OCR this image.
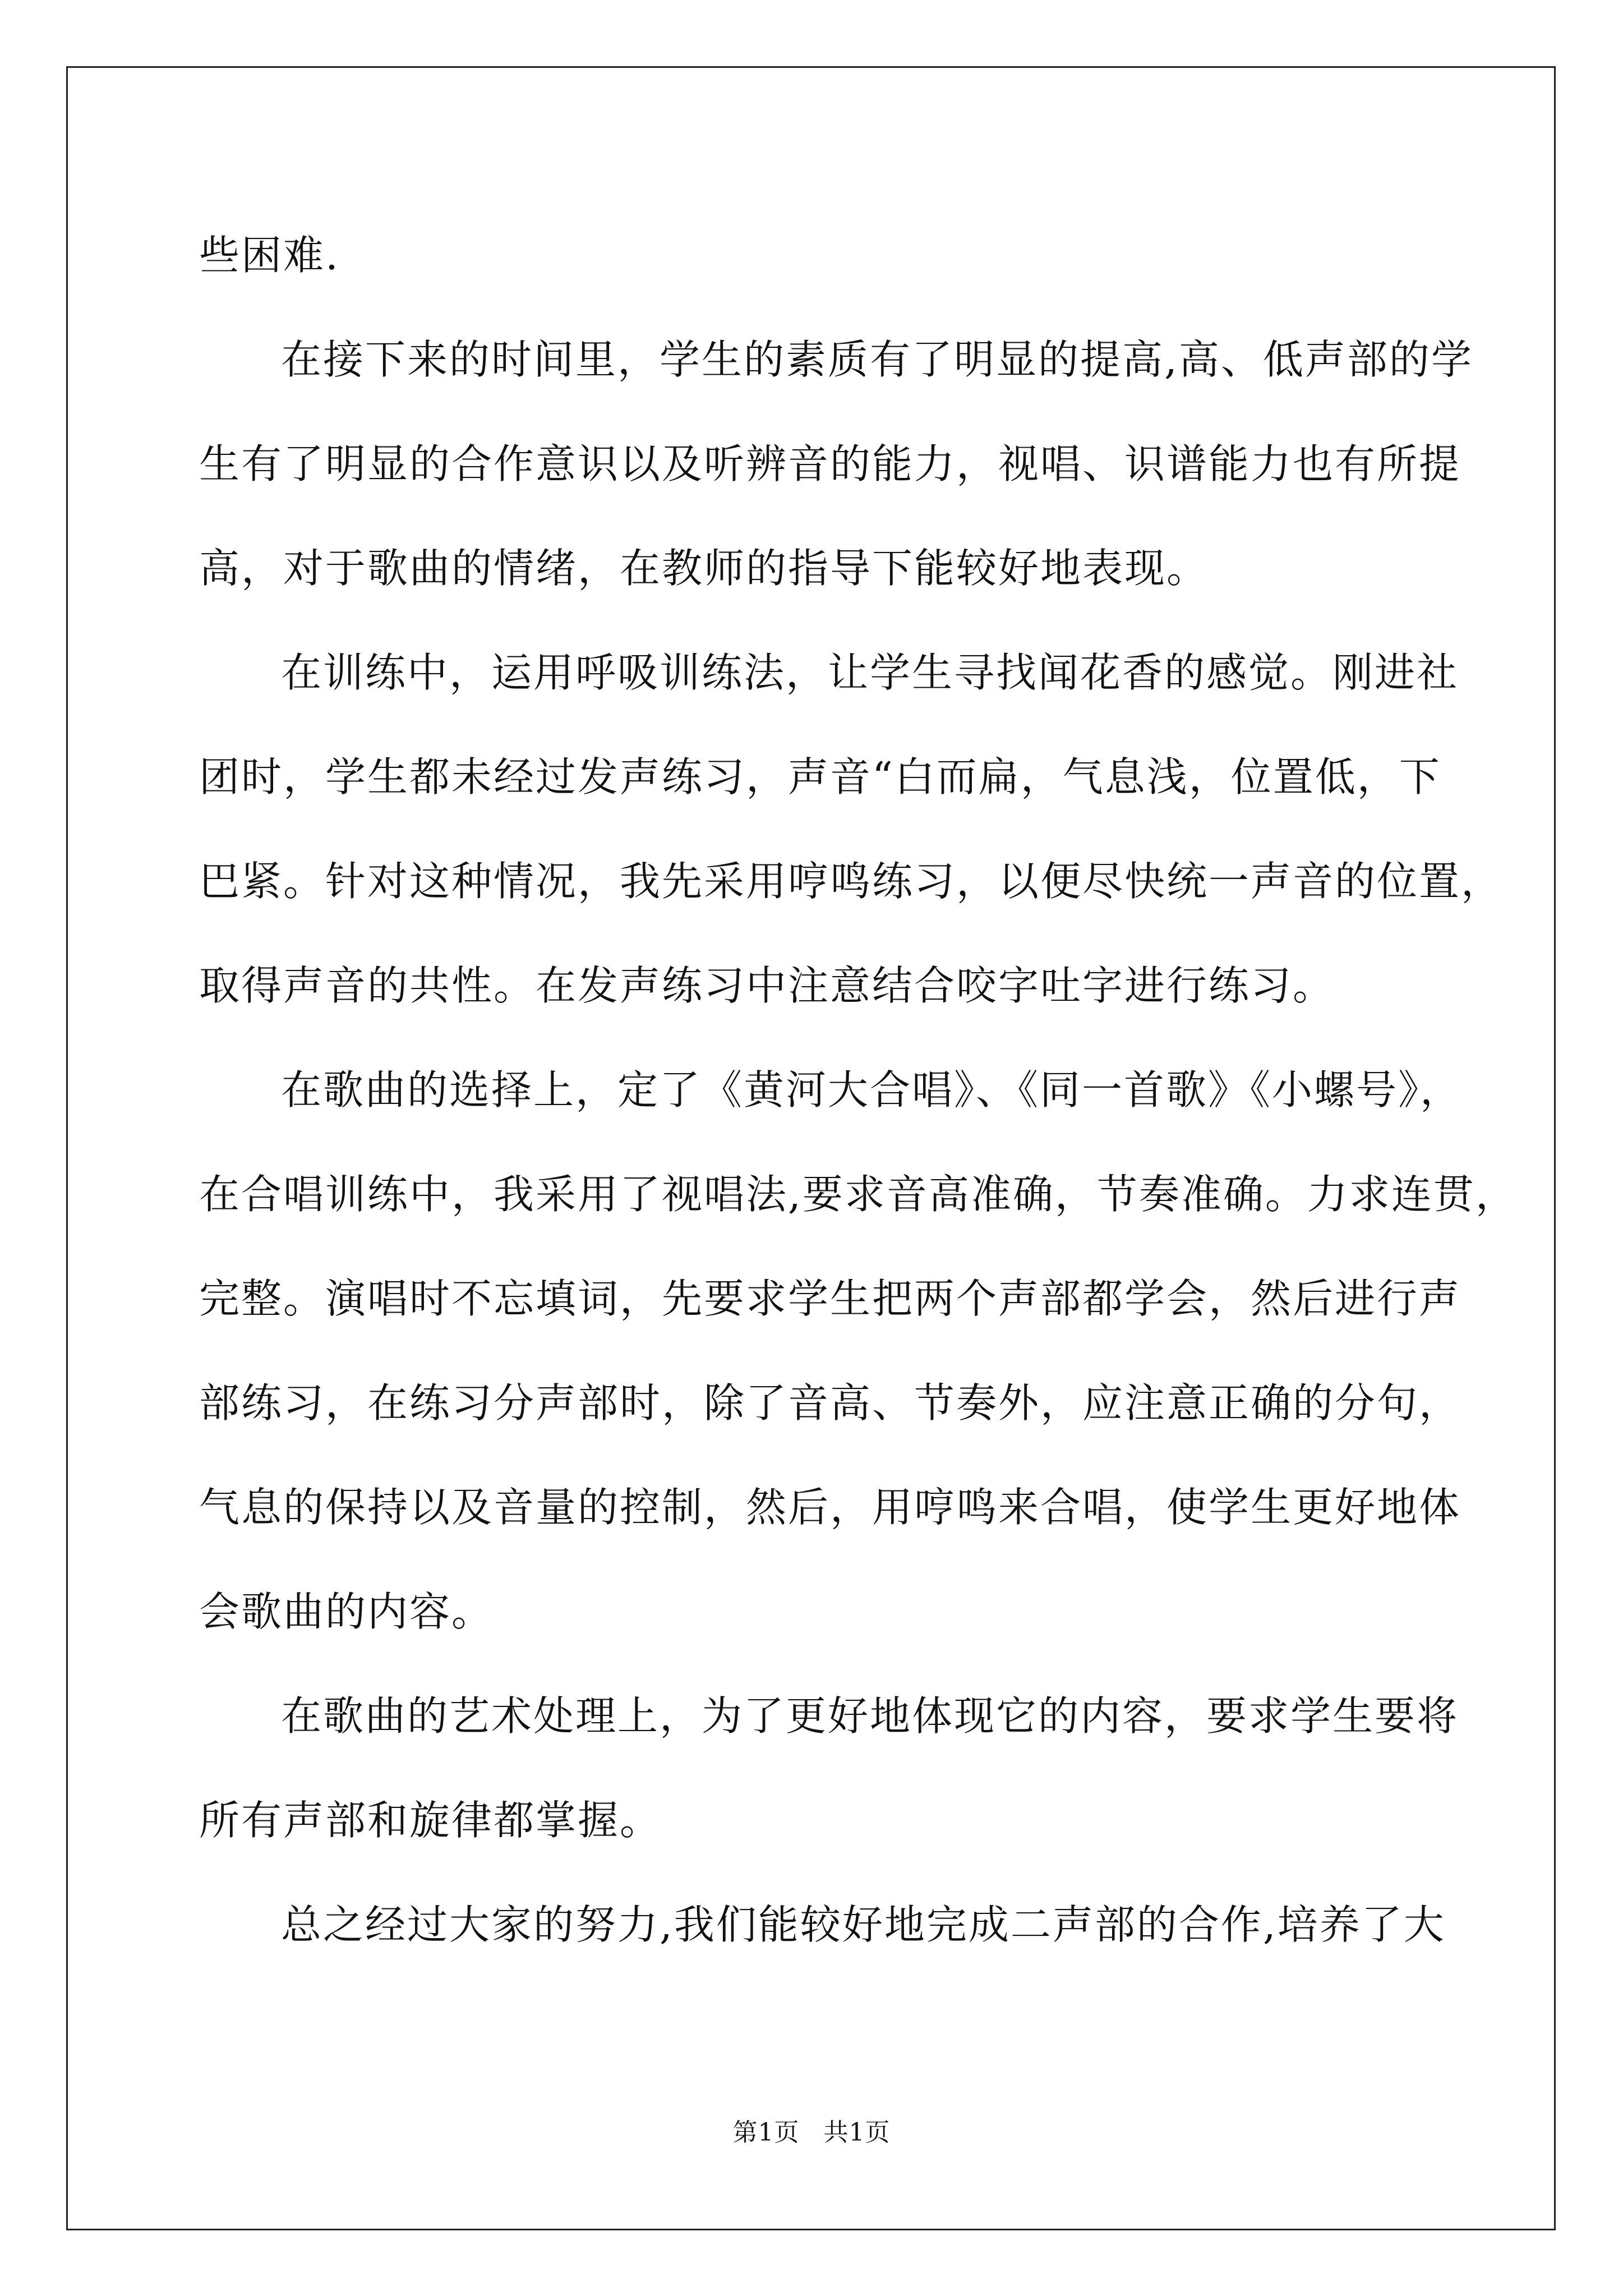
些困难.
在接下来的时间里，学生的素质有了明显的提高,高、低声部的学
生有了明显的合作意识以及听辨音的能力，视唱、识谱能力也有所提
高，对于歌曲的情绪，在教师的指导下能较好地表现。
在训练中，运用呼吸训练法，让学生寻找闻花香的感觉。刚进社
团时，学生都未经过发声练习，声音“白而扁，气息浅，位置低，下
巴紧。针对这种情况，我先采用哼鸣练习，以便尽快统一声音的位置，
取得声音的共性。在发声练习中注意结合咬字吐字进行练习。
在歌曲的选择上，定了《黄河大合唱》、《同一首歌》《小螺号》，
在合唱训练中，我采用了视唱法,要求音高准确，节奏准确。力求连贯，
完整。演唱时不忘填词，先要求学生把两个声部都学会，然后进行声
部练习，在练习分声部时，除了音高、节奏外，应注意正确的分句，
气息的保持以及音量的控制，然后，用哼鸣来合唱，使学生更好地体
会歌曲的内容。
在歌曲的艺术处理上，为了更好地体现它的内容，要求学生要将
所有声部和旋律都掌握。
总之经过大家的努力,我们能较好地完成二声部的合作,培养了大
第1页 共1页
